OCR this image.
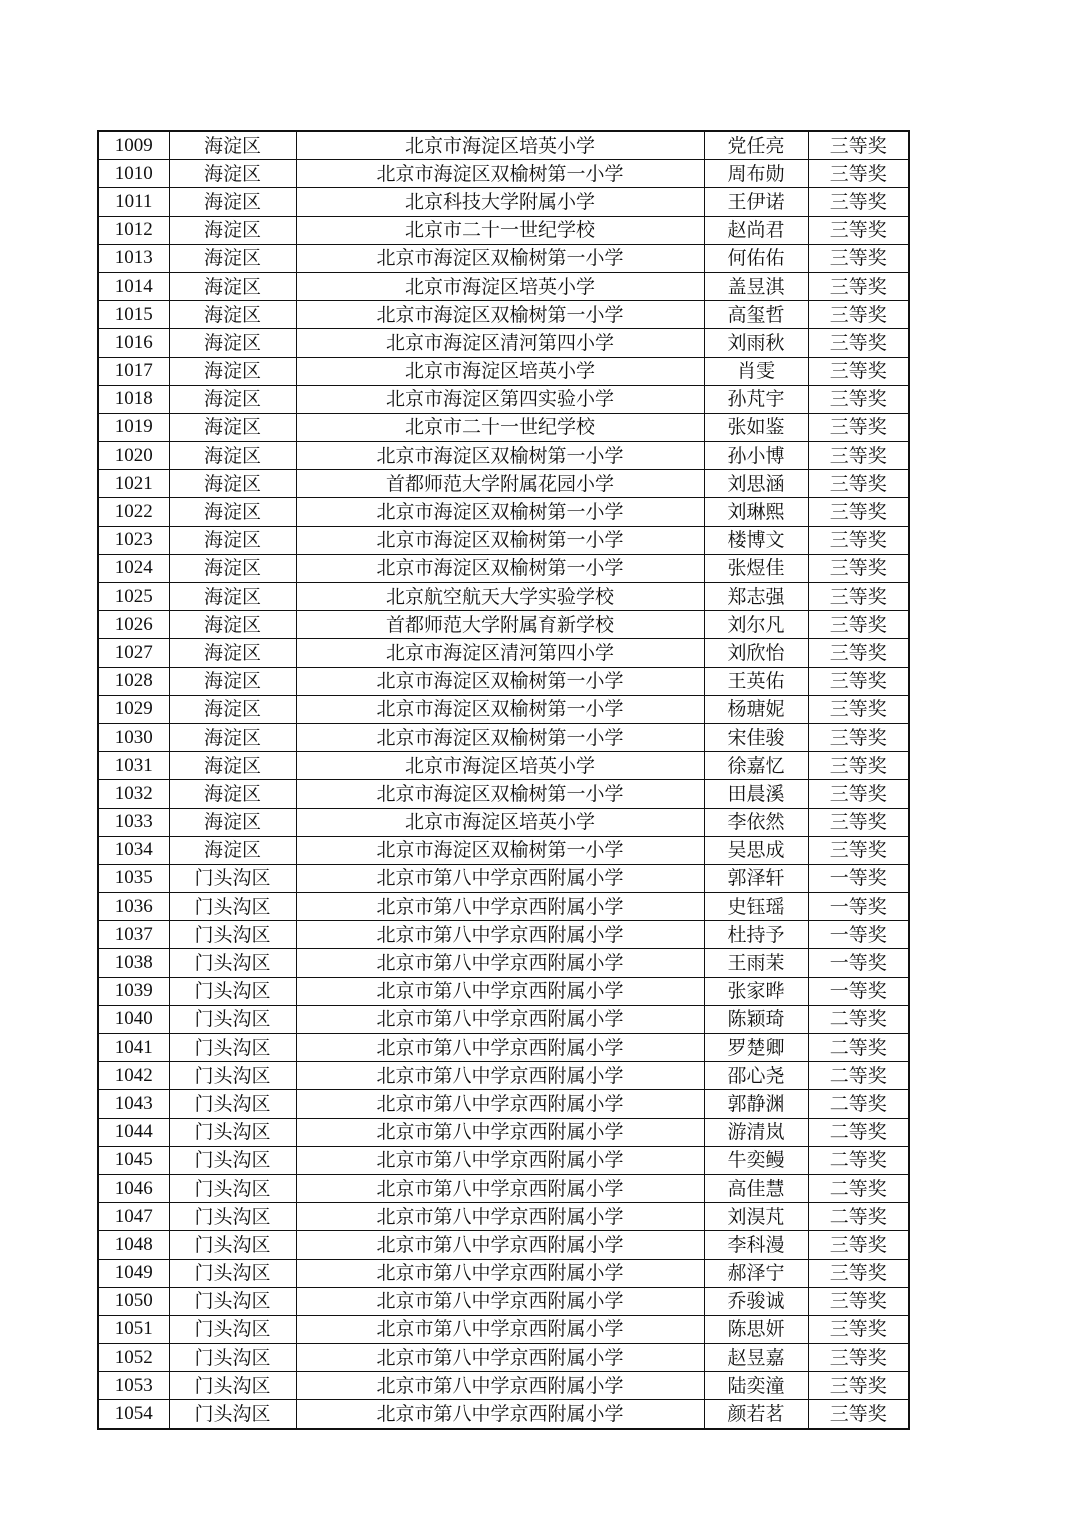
1009	海淀区	北京市海淀区培英小学	党任亮	三等奖
1010	海淀区	北京市海淀区双榆树第一小学	周布勋	三等奖
1011	海淀区	北京科技大学附属小学	王伊诺	三等奖
1012	海淀区	北京市二十一世纪学校	赵尚君	三等奖
1013	海淀区	北京市海淀区双榆树第一小学	何佑佑	三等奖
1014	海淀区	北京市海淀区培英小学	盖昱淇	三等奖
1015	海淀区	北京市海淀区双榆树第一小学	高玺哲	三等奖
1016	海淀区	北京市海淀区清河第四小学	刘雨秋	三等奖
1017	海淀区	北京市海淀区培英小学	肖雯	三等奖
1018	海淀区	北京市海淀区第四实验小学	孙芃宇	三等奖
1019	海淀区	北京市二十一世纪学校	张如鉴	三等奖
1020	海淀区	北京市海淀区双榆树第一小学	孙小博	三等奖
1021	海淀区	首都师范大学附属花园小学	刘思涵	三等奖
1022	海淀区	北京市海淀区双榆树第一小学	刘琳熙	三等奖
1023	海淀区	北京市海淀区双榆树第一小学	楼博文	三等奖
1024	海淀区	北京市海淀区双榆树第一小学	张煜佳	三等奖
1025	海淀区	北京航空航天大学实验学校	郑志强	三等奖
1026	海淀区	首都师范大学附属育新学校	刘尔凡	三等奖
1027	海淀区	北京市海淀区清河第四小学	刘欣怡	三等奖
1028	海淀区	北京市海淀区双榆树第一小学	王英佑	三等奖
1029	海淀区	北京市海淀区双榆树第一小学	杨瑭妮	三等奖
1030	海淀区	北京市海淀区双榆树第一小学	宋佳骏	三等奖
1031	海淀区	北京市海淀区培英小学	徐嘉忆	三等奖
1032	海淀区	北京市海淀区双榆树第一小学	田晨溪	三等奖
1033	海淀区	北京市海淀区培英小学	李依然	三等奖
1034	海淀区	北京市海淀区双榆树第一小学	吴思成	三等奖
1035	门头沟区	北京市第八中学京西附属小学	郭泽轩	一等奖
1036	门头沟区	北京市第八中学京西附属小学	史钰瑶	一等奖
1037	门头沟区	北京市第八中学京西附属小学	杜持予	一等奖
1038	门头沟区	北京市第八中学京西附属小学	王雨茉	一等奖
1039	门头沟区	北京市第八中学京西附属小学	张家晔	一等奖
1040	门头沟区	北京市第八中学京西附属小学	陈颖琦	二等奖
1041	门头沟区	北京市第八中学京西附属小学	罗楚卿	二等奖
1042	门头沟区	北京市第八中学京西附属小学	邵心尧	二等奖
1043	门头沟区	北京市第八中学京西附属小学	郭静渊	二等奖
1044	门头沟区	北京市第八中学京西附属小学	游清岚	二等奖
1045	门头沟区	北京市第八中学京西附属小学	牛奕鳗	二等奖
1046	门头沟区	北京市第八中学京西附属小学	高佳慧	二等奖
1047	门头沟区	北京市第八中学京西附属小学	刘淏芃	二等奖
1048	门头沟区	北京市第八中学京西附属小学	李科漫	三等奖
1049	门头沟区	北京市第八中学京西附属小学	郝泽宁	三等奖
1050	门头沟区	北京市第八中学京西附属小学	乔骏诚	三等奖
1051	门头沟区	北京市第八中学京西附属小学	陈思妍	三等奖
1052	门头沟区	北京市第八中学京西附属小学	赵昱嘉	三等奖
1053	门头沟区	北京市第八中学京西附属小学	陆奕潼	三等奖
1054	门头沟区	北京市第八中学京西附属小学	颜若茗	三等奖
